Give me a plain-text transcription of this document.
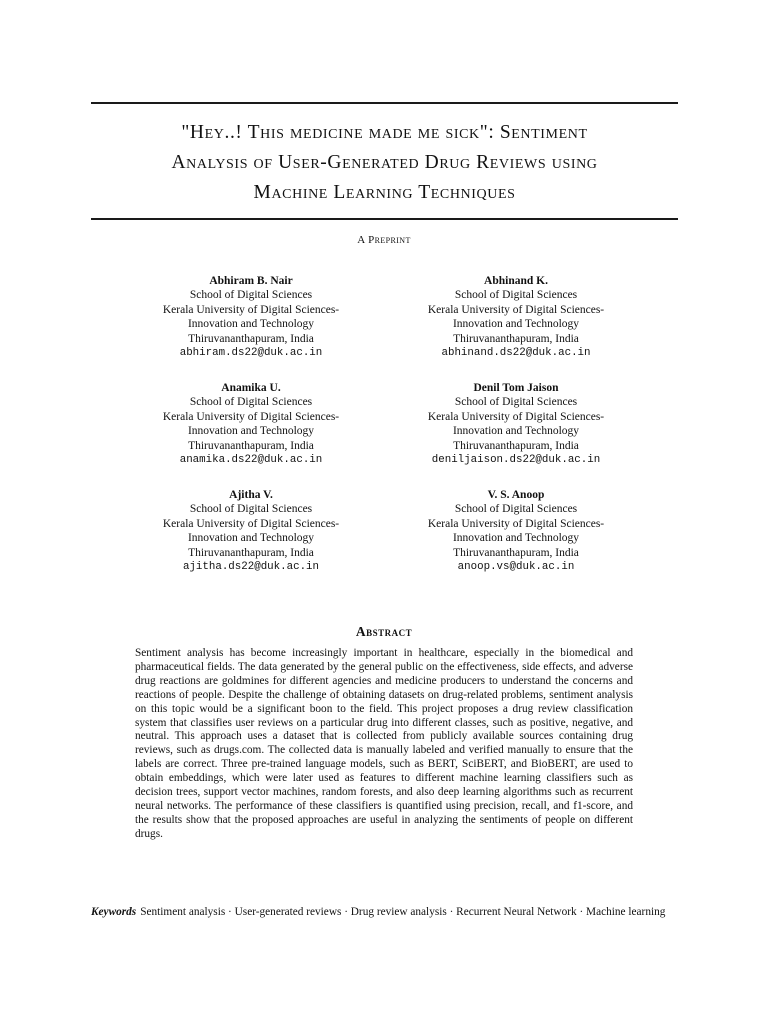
"Hey..! This medicine made me sick": Sentiment
Analysis of User-Generated Drug Reviews using
Machine Learning Techniques
A Preprint
Abhiram B. Nair
School of Digital Sciences
Kerala University of Digital Sciences-
Innovation and Technology
Thiruvananthapuram, India
abhiram.ds22@duk.ac.in
Abhinand K.
School of Digital Sciences
Kerala University of Digital Sciences-
Innovation and Technology
Thiruvananthapuram, India
abhinand.ds22@duk.ac.in
Anamika U.
School of Digital Sciences
Kerala University of Digital Sciences-
Innovation and Technology
Thiruvananthapuram, India
anamika.ds22@duk.ac.in
Denil Tom Jaison
School of Digital Sciences
Kerala University of Digital Sciences-
Innovation and Technology
Thiruvananthapuram, India
deniljaison.ds22@duk.ac.in
Ajitha V.
School of Digital Sciences
Kerala University of Digital Sciences-
Innovation and Technology
Thiruvananthapuram, India
ajitha.ds22@duk.ac.in
V. S. Anoop
School of Digital Sciences
Kerala University of Digital Sciences-
Innovation and Technology
Thiruvananthapuram, India
anoop.vs@duk.ac.in
Abstract

Sentiment analysis has become increasingly important in healthcare, especially in the biomedical and pharmaceutical fields. The data generated by the general public on the effectiveness, side effects, and adverse drug reactions are goldmines for different agencies and medicine producers to understand the concerns and reactions of people. Despite the challenge of obtaining datasets on drug-related problems, sentiment analysis on this topic would be a significant boon to the field. This project proposes a drug review classification system that classifies user reviews on a particular drug into different classes, such as positive, negative, and neutral. This approach uses a dataset that is collected from publicly available sources containing drug reviews, such as drugs.com. The collected data is manually labeled and verified manually to ensure that the labels are correct. Three pre-trained language models, such as BERT, SciBERT, and BioBERT, are used to obtain embeddings, which were later used as features to different machine learning classifiers such as decision trees, support vector machines, random forests, and also deep learning algorithms such as recurrent neural networks. The performance of these classifiers is quantified using precision, recall, and f1-score, and the results show that the proposed approaches are useful in analyzing the sentiments of people on different drugs.

Keywords Sentiment analysis · User-generated reviews · Drug review analysis · Recurrent Neural Network · Machine learning
